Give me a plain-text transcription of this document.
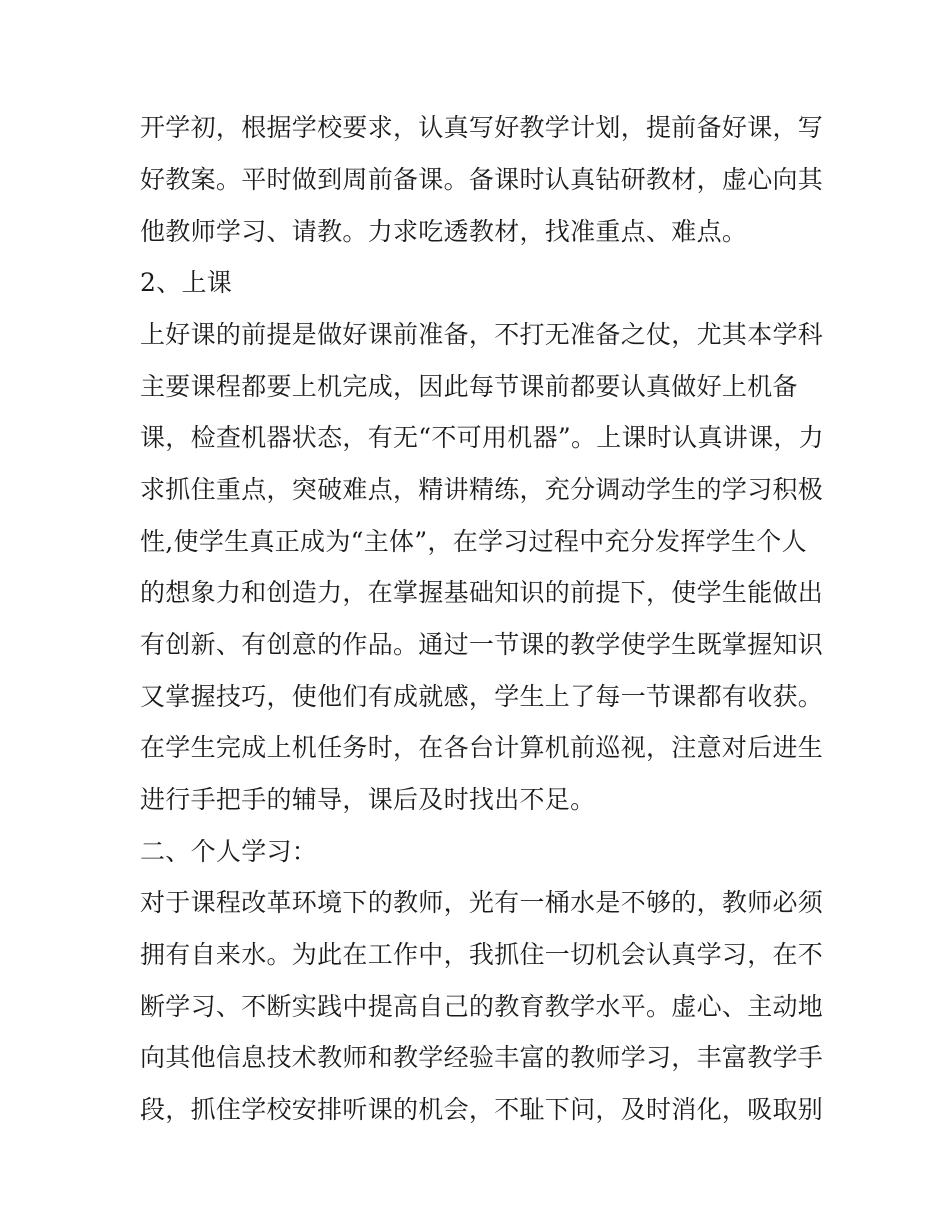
开学初，根据学校要求，认真写好教学计划，提前备好课，写
好教案。平时做到周前备课。备课时认真钻研教材，虚心向其
他教师学习、请教。力求吃透教材，找准重点、难点。
2、上课
上好课的前提是做好课前准备，不打无准备之仗，尤其本学科
主要课程都要上机完成，因此每节课前都要认真做好上机备
课，检查机器状态，有无“不可用机器”。上课时认真讲课，力
求抓住重点，突破难点，精讲精练，充分调动学生的学习积极
性,使学生真正成为“主体”，在学习过程中充分发挥学生个人
的想象力和创造力，在掌握基础知识的前提下，使学生能做出
有创新、有创意的作品。通过一节课的教学使学生既掌握知识
又掌握技巧，使他们有成就感，学生上了每一节课都有收获。
在学生完成上机任务时，在各台计算机前巡视，注意对后进生
进行手把手的辅导，课后及时找出不足。
二、个人学习：
对于课程改革环境下的教师，光有一桶水是不够的，教师必须
拥有自来水。为此在工作中，我抓住一切机会认真学习，在不
断学习、不断实践中提高自己的教育教学水平。虚心、主动地
向其他信息技术教师和教学经验丰富的教师学习，丰富教学手
段，抓住学校安排听课的机会，不耻下问，及时消化，吸取别
